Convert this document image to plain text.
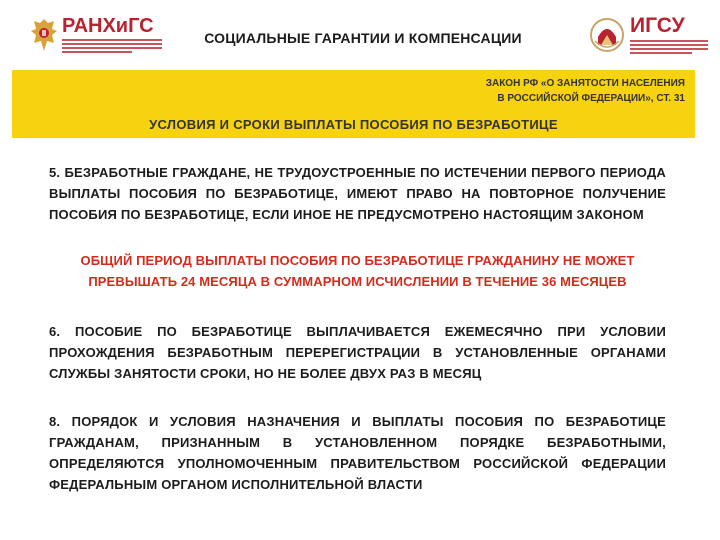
РАНХиГС
СОЦИАЛЬНЫЕ ГАРАНТИИ И КОМПЕНСАЦИИ
ИГСУ
ЗАКОН РФ «О ЗАНЯТОСТИ НАСЕЛЕНИЯ
В РОССИЙСКОЙ ФЕДЕРАЦИИ», СТ. 31
УСЛОВИЯ И СРОКИ ВЫПЛАТЫ ПОСОБИЯ ПО БЕЗРАБОТИЦЕ
5. БЕЗРАБОТНЫЕ ГРАЖДАНЕ, НЕ ТРУДОУСТРОЕННЫЕ ПО ИСТЕЧЕНИИ ПЕРВОГО ПЕРИОДА ВЫПЛАТЫ ПОСОБИЯ ПО БЕЗРАБОТИЦЕ, ИМЕЮТ ПРАВО НА ПОВТОРНОЕ ПОЛУЧЕНИЕ ПОСОБИЯ ПО БЕЗРАБОТИЦЕ, ЕСЛИ ИНОЕ НЕ ПРЕДУСМОТРЕНО НАСТОЯЩИМ ЗАКОНОМ
ОБЩИЙ ПЕРИОД ВЫПЛАТЫ ПОСОБИЯ ПО БЕЗРАБОТИЦЕ ГРАЖДАНИНУ НЕ МОЖЕТ ПРЕВЫШАТЬ 24 МЕСЯЦА В СУММАРНОМ ИСЧИСЛЕНИИ В ТЕЧЕНИЕ 36 МЕСЯЦЕВ
6. ПОСОБИЕ ПО БЕЗРАБОТИЦЕ ВЫПЛАЧИВАЕТСЯ ЕЖЕМЕСЯЧНО ПРИ УСЛОВИИ ПРОХОЖДЕНИЯ БЕЗРАБОТНЫМ ПЕРЕРЕГИСТРАЦИИ В УСТАНОВЛЕННЫЕ ОРГАНАМИ СЛУЖБЫ ЗАНЯТОСТИ СРОКИ, НО НЕ БОЛЕЕ ДВУХ РАЗ В МЕСЯЦ
8. ПОРЯДОК И УСЛОВИЯ НАЗНАЧЕНИЯ И ВЫПЛАТЫ ПОСОБИЯ ПО БЕЗРАБОТИЦЕ ГРАЖДАНАМ, ПРИЗНАННЫМ В УСТАНОВЛЕННОМ ПОРЯДКЕ БЕЗРАБОТНЫМИ, ОПРЕДЕЛЯЮТСЯ УПОЛНОМОЧЕННЫМ ПРАВИТЕЛЬСТВОМ РОССИЙСКОЙ ФЕДЕРАЦИИ ФЕДЕРАЛЬНЫМ ОРГАНОМ ИСПОЛНИТЕЛЬНОЙ ВЛАСТИ
